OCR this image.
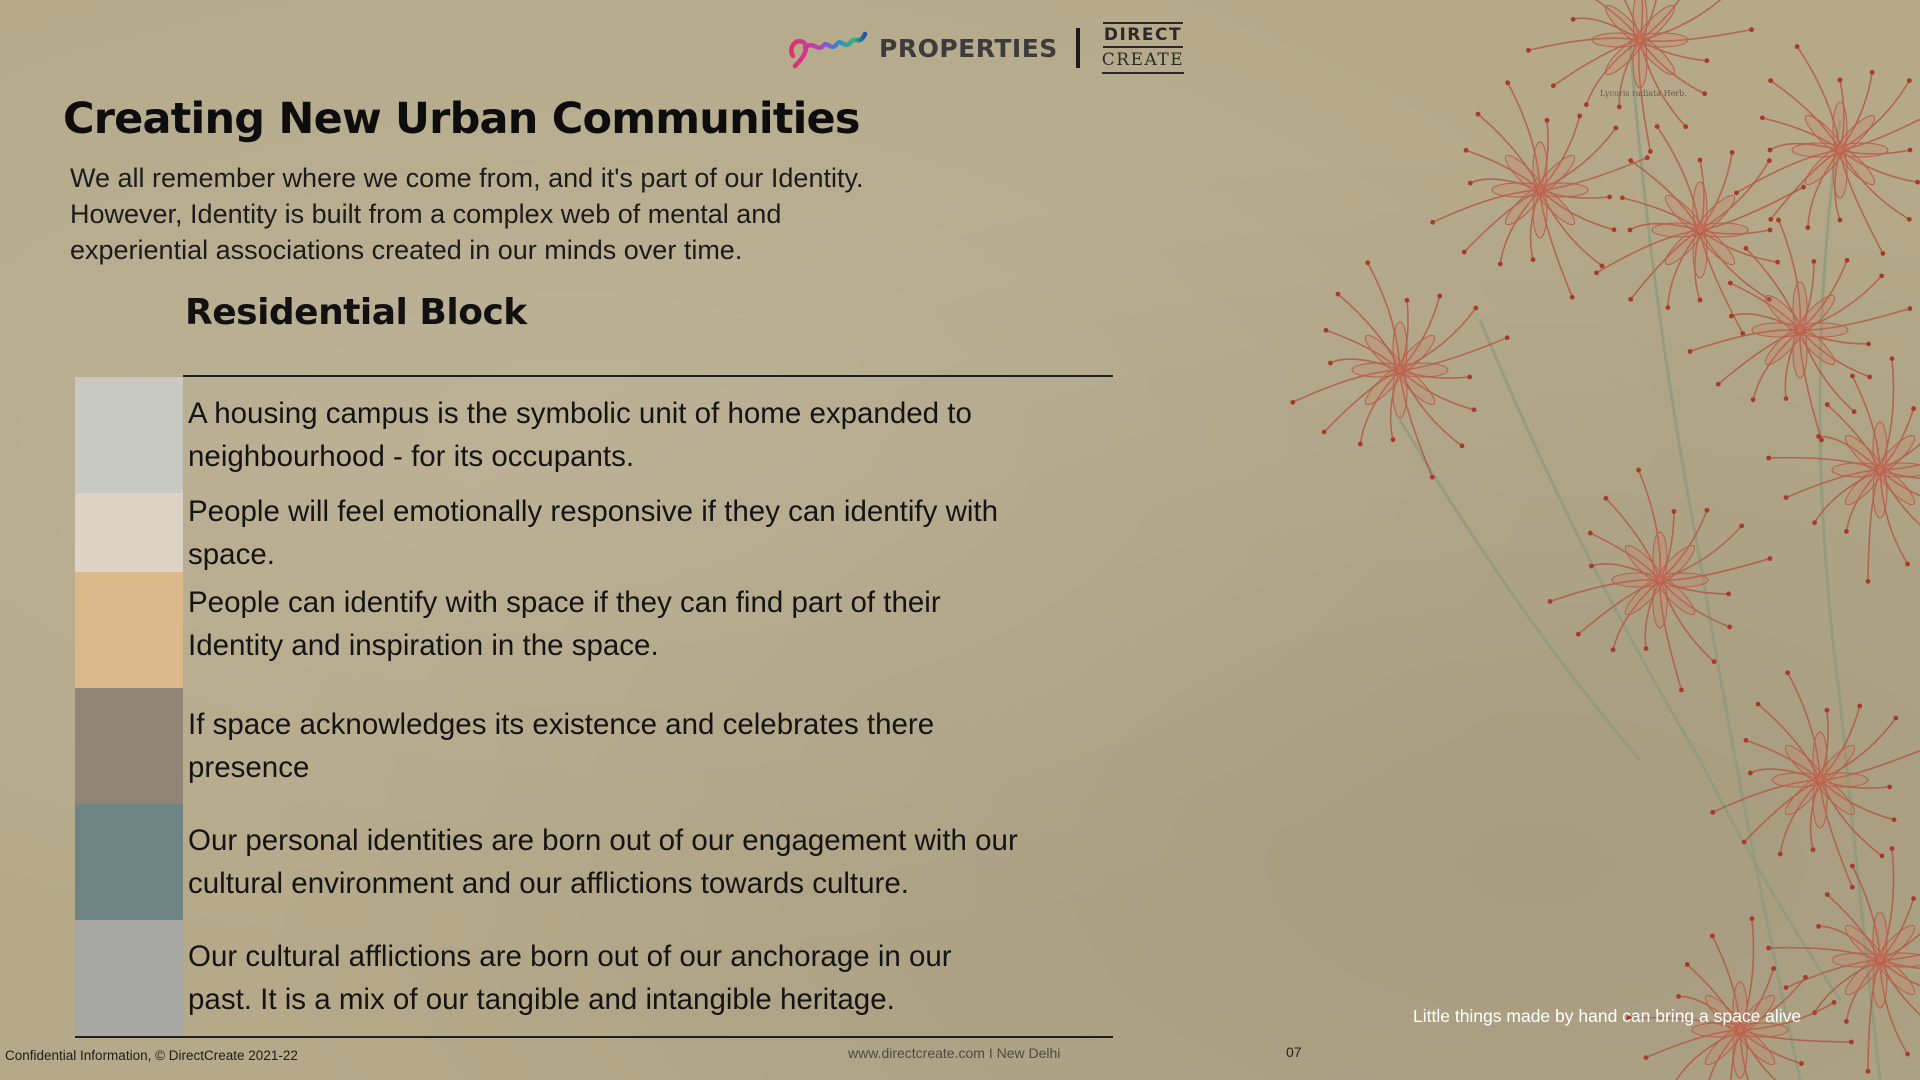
Lycoris radiata Herb.
PROPERTIES	DIRECT
CREATE
Creating New Urban Communities

We all remember where we come from, and it's part of our Identity.
However, Identity is built from a complex web of mental and
experiential associations created in our minds over time.

Residential Block
A housing campus is the symbolic unit of home expanded to
neighbourhood - for its occupants.
People will feel emotionally responsive if they can identify with
space.
People can identify with space if they can find part of their
Identity and inspiration in the space.
If space acknowledges its existence and celebrates there
presence
Our personal identities are born out of our engagement with our
cultural environment and our afflictions towards culture.
Our cultural afflictions are born out of our anchorage in our
past. It is a mix of our tangible and intangible heritage.	Little things made by hand can bring a space alive
Confidential Information, © DirectCreate 2021-22	www.directcreate.com I New Delhi	07
